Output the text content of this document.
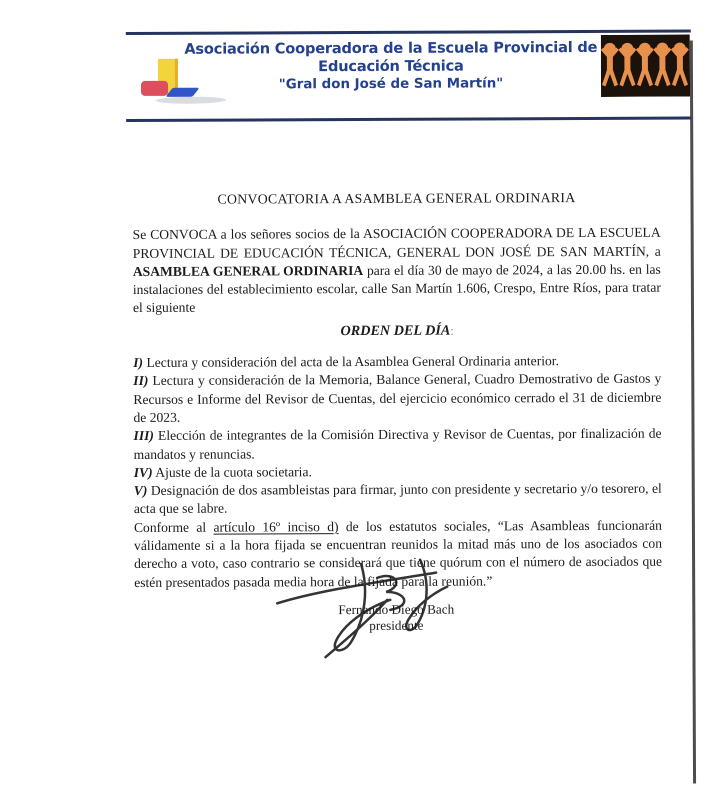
Asociación Cooperadora de la Escuela Provincial de Educación Técnica
"Gral don José de San Martín"
CONVOCATORIA A ASAMBLEA GENERAL ORDINARIA

Se CONVOCA a los señores socios de la ASOCIACIÓN COOPERADORA DE LA ESCUELA PROVINCIAL DE EDUCACIÓN TÉCNICA, GENERAL DON JOSÉ DE SAN MARTÍN, a ASAMBLEA GENERAL ORDINARIA para el día 30 de mayo de 2024, a las 20.00 hs. en las instalaciones del establecimiento escolar, calle San Martín 1.606, Crespo, Entre Ríos, para tratar el siguiente

ORDEN DEL DÍA:

I) Lectura y consideración del acta de la Asamblea General Ordinaria anterior.

II) Lectura y consideración de la Memoria, Balance General, Cuadro Demostrativo de Gastos y Recursos e Informe del Revisor de Cuentas, del ejercicio económico cerrado el 31 de diciembre de 2023.

III) Elección de integrantes de la Comisión Directiva y Revisor de Cuentas, por finalización de mandatos y renuncias.

IV) Ajuste de la cuota societaria.

V) Designación de dos asambleistas para firmar, junto con presidente y secretario y/o tesorero, el acta que se labre.

Conforme al artículo 16º inciso d) de los estatutos sociales, “Las Asambleas funcionarán válidamente si a la hora fijada se encuentran reunidos la mitad más uno de los asociados con derecho a voto, caso contrario se considerará que tiene quórum con el número de asociados que estén presentados pasada media hora de la fijada para la reunión.”

Fernando Diego Bach
presidente
